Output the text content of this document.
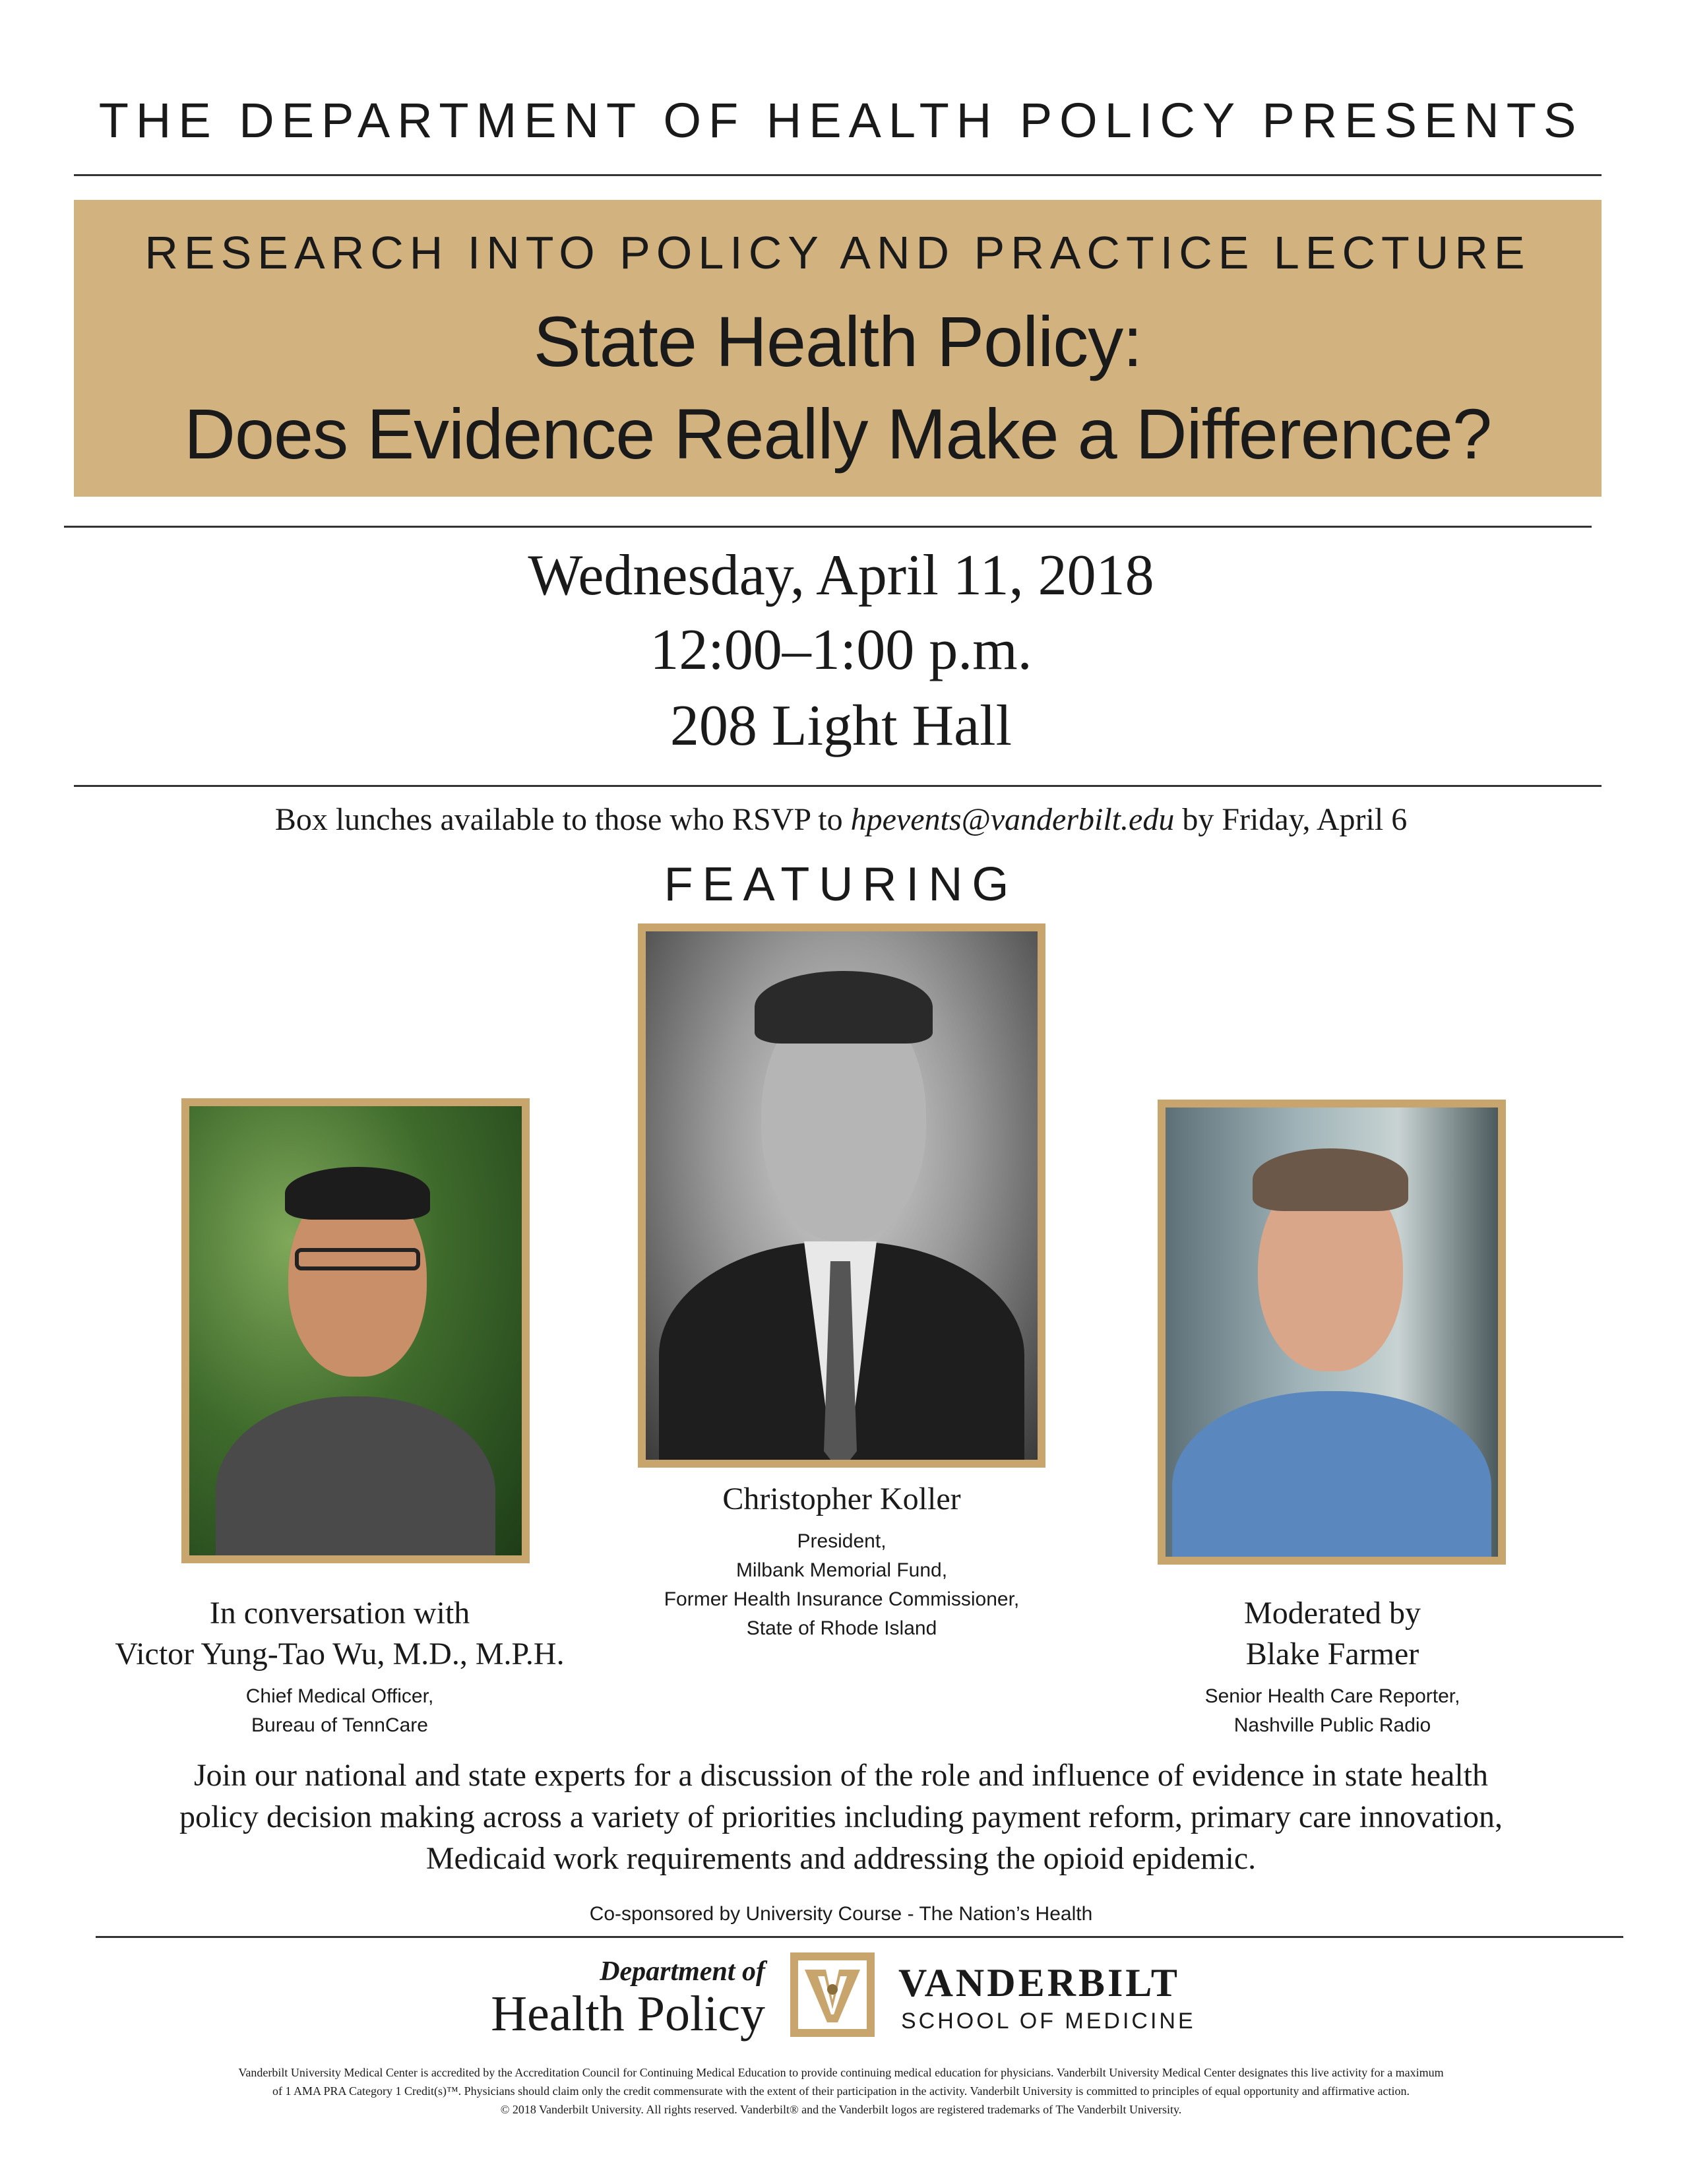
THE DEPARTMENT OF HEALTH POLICY PRESENTS
RESEARCH INTO POLICY AND PRACTICE LECTURE
State Health Policy:
Does Evidence Really Make a Difference?
Wednesday, April 11, 2018
12:00–1:00 p.m.
208 Light Hall
Box lunches available to those who RSVP to hpevents@vanderbilt.edu by Friday, April 6
FEATURING
Christopher Koller
President,
Milbank Memorial Fund,
Former Health Insurance Commissioner,
State of Rhode Island
In conversation with
Victor Yung-Tao Wu, M.D., M.P.H.
Chief Medical Officer,
Bureau of TennCare
Moderated by
Blake Farmer
Senior Health Care Reporter,
Nashville Public Radio
Join our national and state experts for a discussion of the role and influence of evidence in state health
policy decision making across a variety of priorities including payment reform, primary care innovation,
Medicaid work requirements and addressing the opioid epidemic.
Co-sponsored by University Course - The Nation’s Health
Department of
Health Policy
VANDERBILT
SCHOOL OF MEDICINE
Vanderbilt University Medical Center is accredited by the Accreditation Council for Continuing Medical Education to provide continuing medical education for physicians. Vanderbilt University Medical Center designates this live activity for a maximum
of 1 AMA PRA Category 1 Credit(s)™. Physicians should claim only the credit commensurate with the extent of their participation in the activity. Vanderbilt University is committed to principles of equal opportunity and affirmative action.
© 2018 Vanderbilt University. All rights reserved. Vanderbilt® and the Vanderbilt logos are registered trademarks of The Vanderbilt University.
